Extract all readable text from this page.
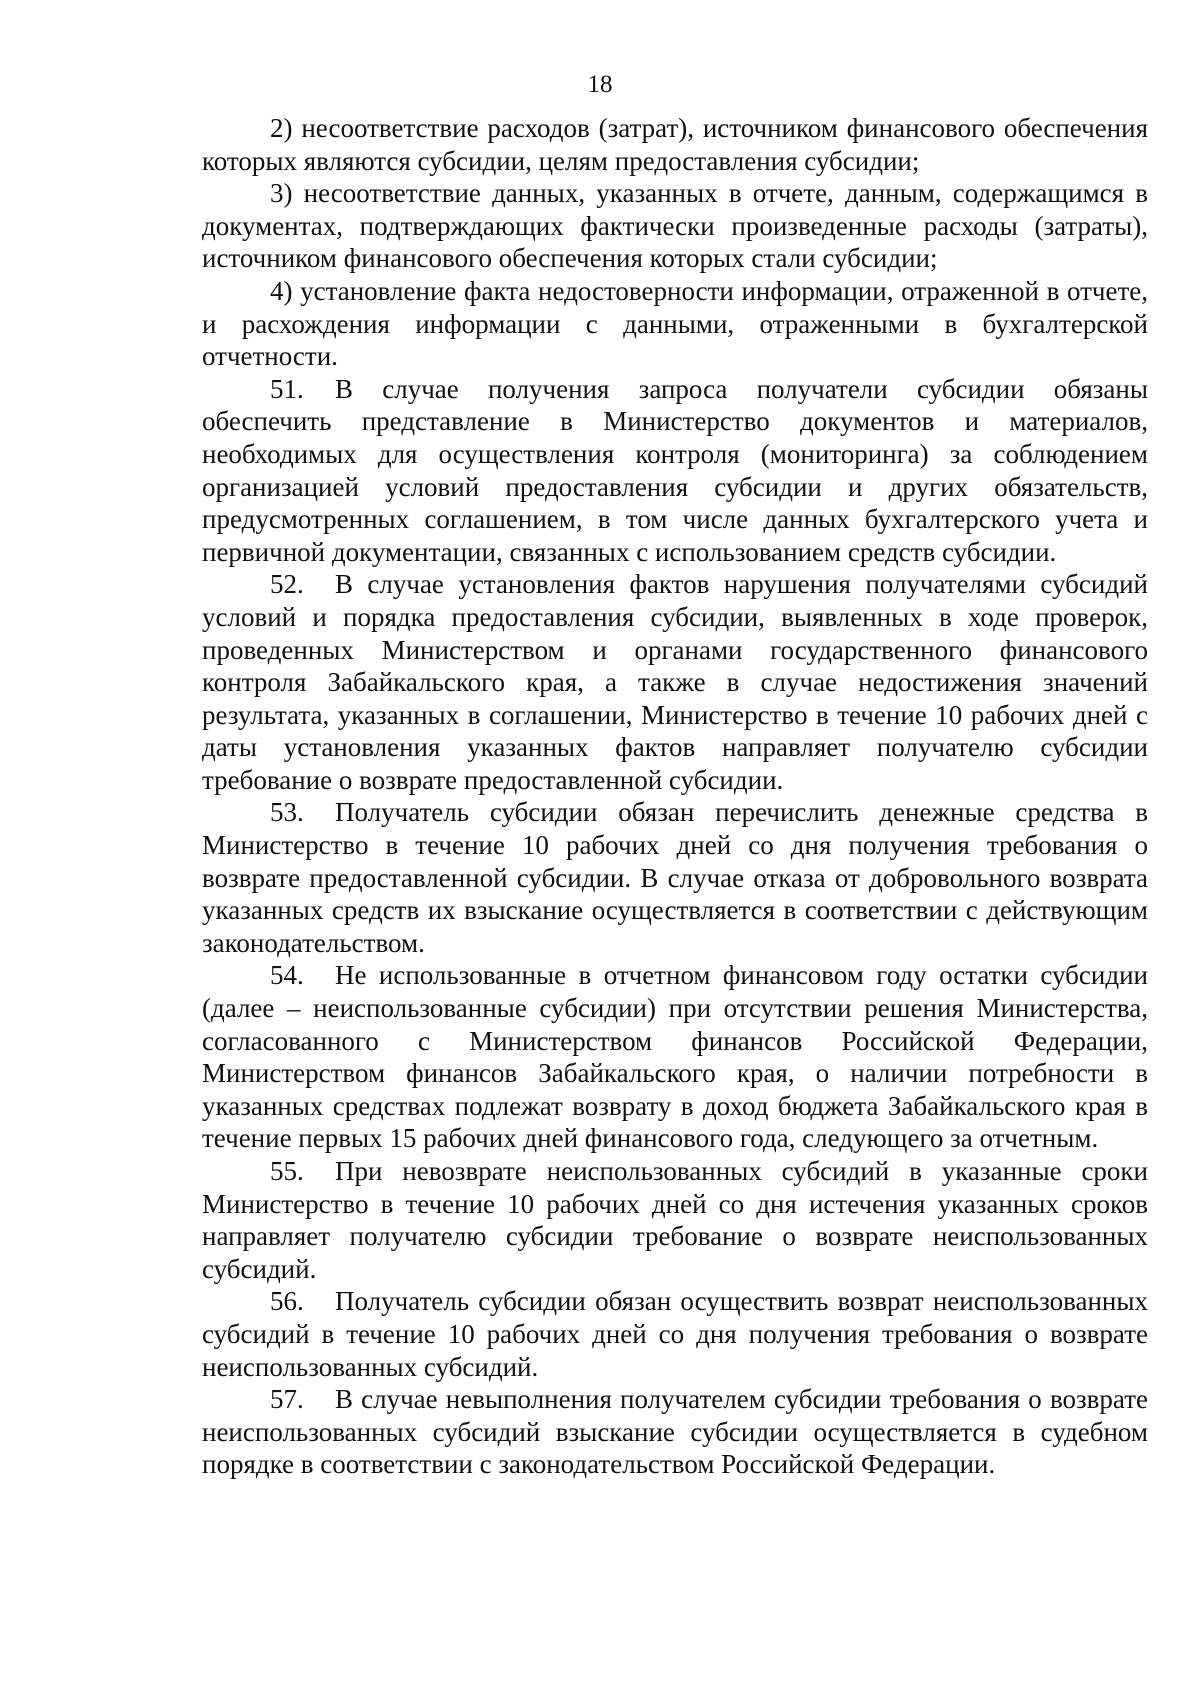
18

2) несоответствие расходов (затрат), источником финансового обеспечения которых являются субсидии, целям предоставления субсидии;

3) несоответствие данных, указанных в отчете, данным, содержащимся в документах, подтверждающих фактически произведенные расходы (затраты), источником финансового обеспечения которых стали субсидии;

4) установление факта недостоверности информации, отраженной в отчете, и расхождения информации с данными, отраженными в бухгалтерской отчетности.

51. В случае получения запроса получатели субсидии обязаны обеспечить представление в Министерство документов и материалов, необходимых для осуществления контроля (мониторинга) за соблюдением организацией условий предоставления субсидии и других обязательств, предусмотренных соглашением, в том числе данных бухгалтерского учета и первичной документации, связанных с использованием средств субсидии.

52. В случае установления фактов нарушения получателями субсидий условий и порядка предоставления субсидии, выявленных в ходе проверок, проведенных Министерством и органами государственного финансового контроля Забайкальского края, а также в случае недостижения значений результата, указанных в соглашении, Министерство в течение 10 рабочих дней с даты установления указанных фактов направляет получателю субсидии требование о возврате предоставленной субсидии.

53. Получатель субсидии обязан перечислить денежные средства в Министерство в течение 10 рабочих дней со дня получения требования о возврате предоставленной субсидии. В случае отказа от добровольного возврата указанных средств их взыскание осуществляется в соответствии с действующим законодательством.

54. Не использованные в отчетном финансовом году остатки субсидии (далее – неиспользованные субсидии) при отсутствии решения Министерства, согласованного с Министерством финансов Российской Федерации, Министерством финансов Забайкальского края, о наличии потребности в указанных средствах подлежат возврату в доход бюджета Забайкальского края в течение первых 15 рабочих дней финансового года, следующего за отчетным.

55. При невозврате неиспользованных субсидий в указанные сроки Министерство в течение 10 рабочих дней со дня истечения указанных сроков направляет получателю субсидии требование о возврате неиспользованных субсидий.

56. Получатель субсидии обязан осуществить возврат неиспользованных субсидий в течение 10 рабочих дней со дня получения требования о возврате неиспользованных субсидий.

57. В случае невыполнения получателем субсидии требования о возврате неиспользованных субсидий взыскание субсидии осуществляется в судебном порядке в соответствии с законодательством Российской Федерации.
